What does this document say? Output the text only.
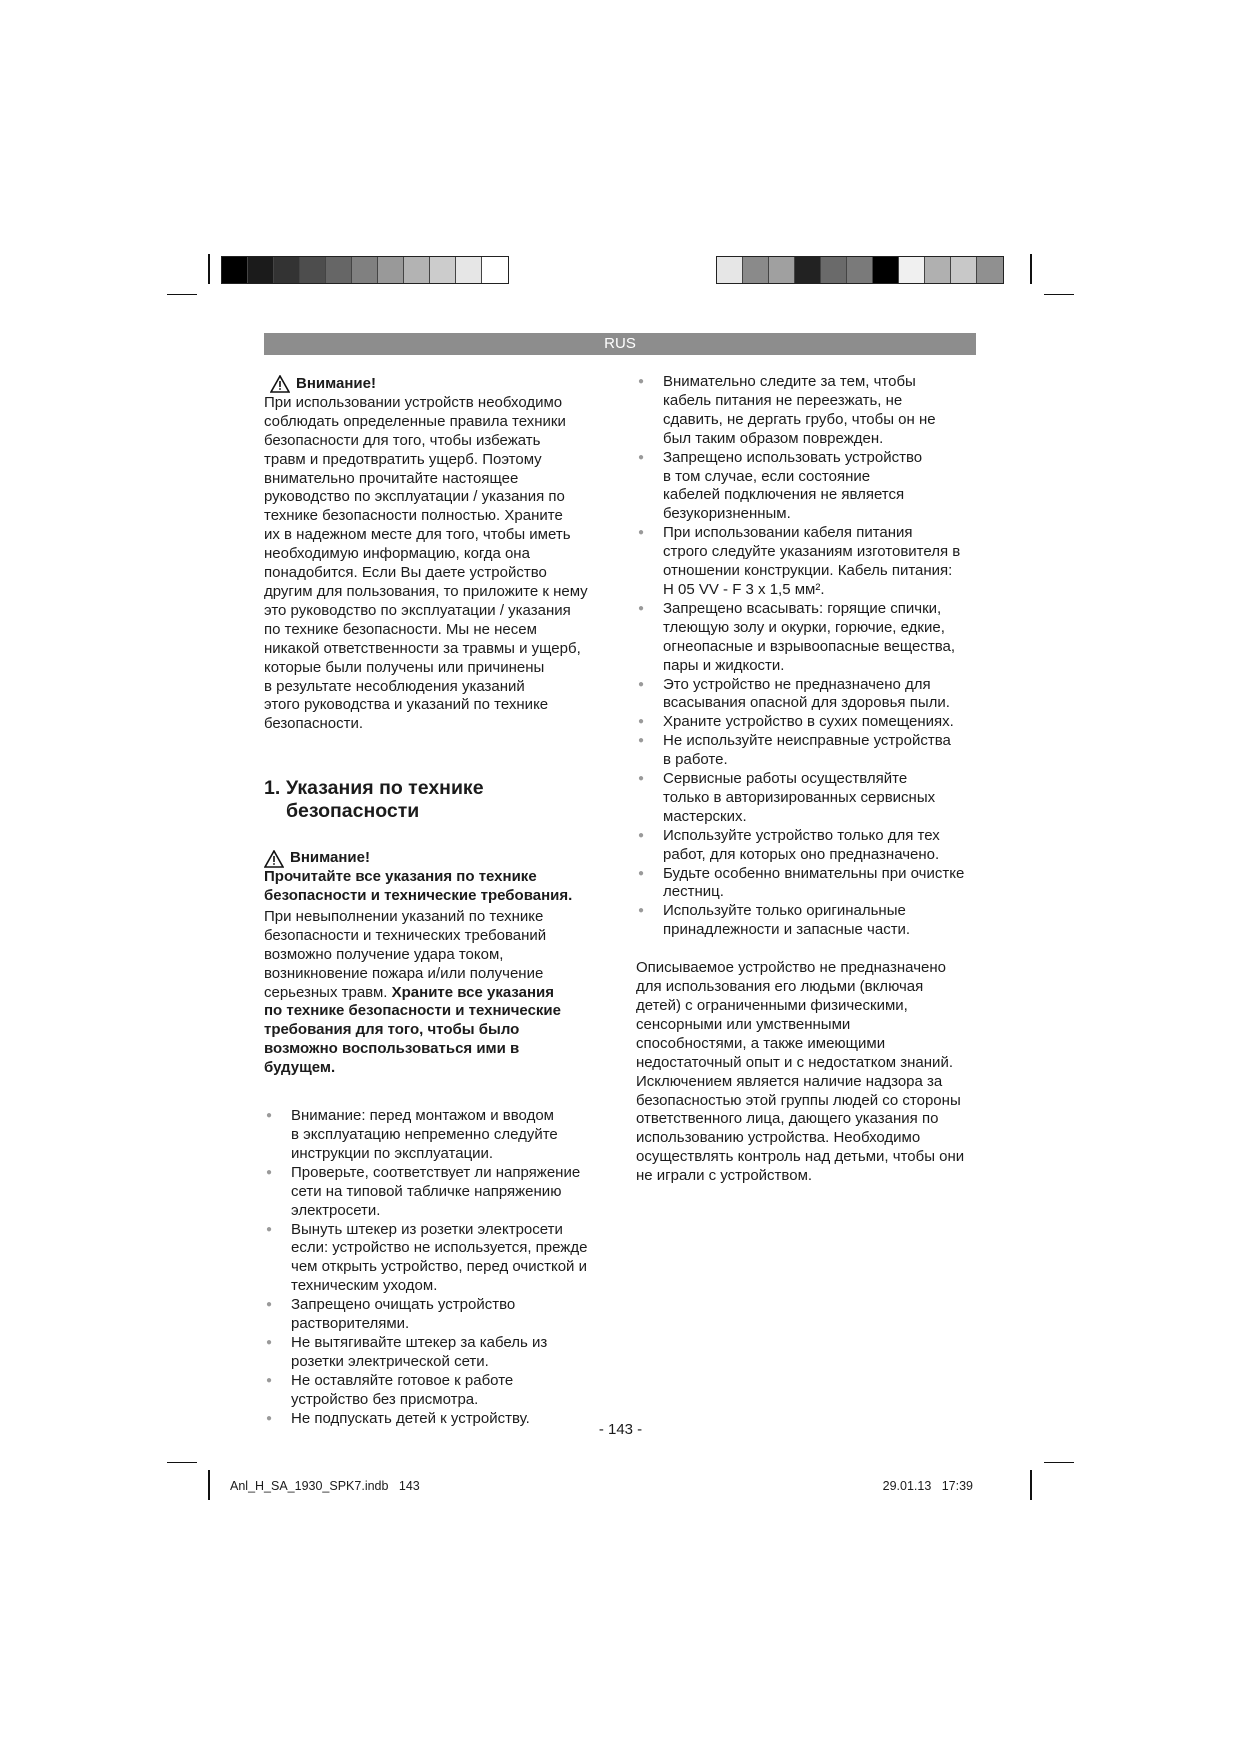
RUS
Внимание!
При использовании устройств необходимо
соблюдать определенные правила техники
безопасности для того, чтобы избежать
травм и предотвратить ущерб. Поэтому
внимательно прочитайте настоящее
руководство по эксплуатации / указания по
технике безопасности полностью. Храните
их в надежном месте для того, чтобы иметь
необходимую информацию, когда она
понадобится. Если Вы даете устройство
другим для пользования, то приложите к нему
это руководство по эксплуатации / указания
по технике безопасности. Мы не несем
никакой ответственности за травмы и ущерб,
которые были получены или причинены
в результате несоблюдения указаний
этого руководства и указаний по технике
безопасности.
1. Указания по технике
безопасности
Внимание!
Прочитайте все указания по технике
безопасности и технические требования.
При невыполнении указаний по технике
безопасности и технических требований
возможно получение удара током,
возникновение пожара и/или получение
серьезных травм. Храните все указания
по технике безопасности и технические
требования для того, чтобы было
возможно воспользоваться ими в
будущем.
● Внимание: перед монтажом и вводом
в эксплуатацию непременно следуйте
инструкции по эксплуатации.
● Проверьте, соответствует ли напряжение
сети на типовой табличке напряжению
электросети.
● Вынуть штекер из розетки электросети
если: устройство не используется, прежде
чем открыть устройство, перед очисткой и
техническим уходом.
● Запрещено очищать устройство
растворителями.
● Не вытягивайте штекер за кабель из
розетки электрической сети.
● Не оставляйте готовое к работе
устройство без присмотра.
● Не подпускать детей к устройству.
● Внимательно следите за тем, чтобы
кабель питания не переезжать, не
сдавить, не дергать грубо, чтобы он не
был таким образом поврежден.
● Запрещено использовать устройство
в том случае, если состояние
кабелей подключения не является
безукоризненным.
● При использовании кабеля питания
строго следуйте указаниям изготовителя в
отношении конструкции. Кабель питания:
H 05 VV - F 3 x 1,5 мм².
● Запрещено всасывать: горящие спички,
тлеющую золу и окурки, горючие, едкие,
огнеопасные и взрывоопасные вещества,
пары и жидкости.
● Это устройство не предназначено для
всасывания опасной для здоровья пыли.
● Храните устройство в сухих помещениях.
● Не используйте неисправные устройства
в работе.
● Сервисные работы осуществляйте
только в авторизированных сервисных
мастерских.
● Используйте устройство только для тех
работ, для которых оно предназначено.
● Будьте особенно внимательны при очистке
лестниц.
● Используйте только оригинальные
принадлежности и запасные части.
Описываемое устройство не предназначено
для использования его людьми (включая
детей) с ограниченными физическими,
сенсорными или умственными
способностями, а также имеющими
недостаточный опыт и с недостатком знаний.
Исключением является наличие надзора за
безопасностью этой группы людей со стороны
ответственного лица, дающего указания по
использованию устройства. Необходимо
осуществлять контроль над детьми, чтобы они
не играли с устройством.
- 143 -
Anl_H_SA_1930_SPK7.indb   143	29.01.13   17:39
